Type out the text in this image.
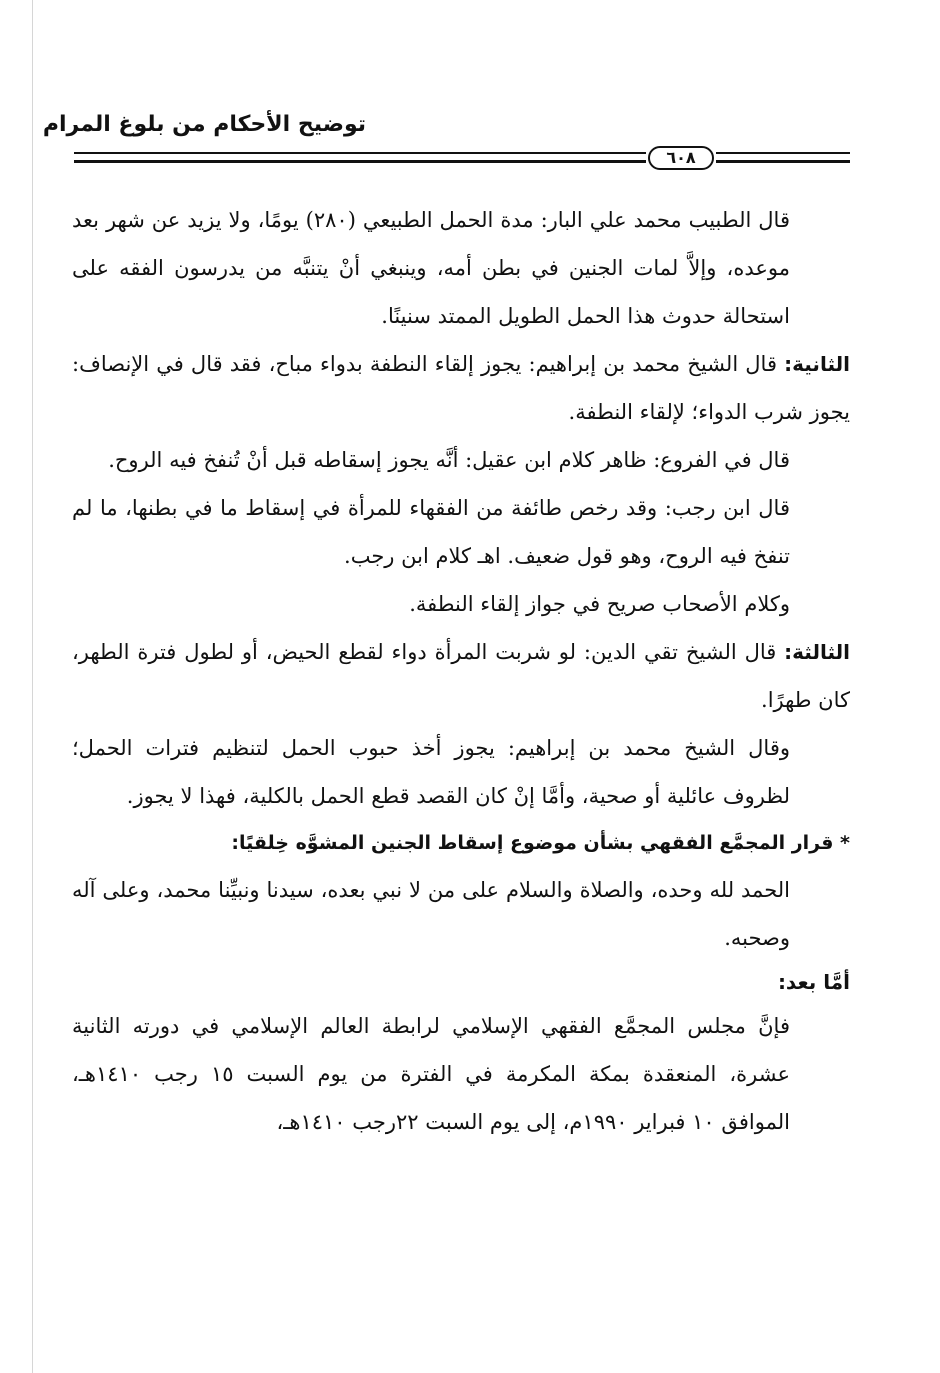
توضيح الأحكام من بلوغ المرام
٦٠٨

قال الطبيب محمد علي البار: مدة الحمل الطبيعي (٢٨٠) يومًا، ولا يزيد عن شهر بعد موعده، وإلاَّ لمات الجنين في بطن أمه، وينبغي أنْ يتنبَّه من يدرسون الفقه على استحالة حدوث هذا الحمل الطويل الممتد سنينًا.

الثانية: قال الشيخ محمد بن إبراهيم: يجوز إلقاء النطفة بدواء مباح، فقد قال في الإنصاف: يجوز شرب الدواء؛ لإلقاء النطفة.

قال في الفروع: ظاهر كلام ابن عقيل: أنَّه يجوز إسقاطه قبل أنْ تُنفخ فيه الروح.

قال ابن رجب: وقد رخص طائفة من الفقهاء للمرأة في إسقاط ما في بطنها، ما لم تنفخ فيه الروح، وهو قول ضعيف. اهـ كلام ابن رجب.

وكلام الأصحاب صريح في جواز إلقاء النطفة.

الثالثة: قال الشيخ تقي الدين: لو شربت المرأة دواء لقطع الحيض، أو لطول فترة الطهر، كان طهرًا.

وقال الشيخ محمد بن إبراهيم: يجوز أخذ حبوب الحمل لتنظيم فترات الحمل؛ لظروف عائلية أو صحية، وأمَّا إنْ كان القصد قطع الحمل بالكلية، فهذا لا يجوز.

* قرار المجمَّع الفقهي بشأن موضوع إسقاط الجنين المشوَّه خِلقيًا:

الحمد لله وحده، والصلاة والسلام على من لا نبي بعده، سيدنا ونبيِّنا محمد، وعلى آله وصحبه.

أمَّا بعد:

فإنَّ مجلس المجمَّع الفقهي الإسلامي لرابطة العالم الإسلامي في دورته الثانية عشرة، المنعقدة بمكة المكرمة في الفترة من يوم السبت ١٥ رجب ١٤١٠هـ، الموافق ١٠ فبراير ١٩٩٠م، إلى يوم السبت ٢٢رجب ١٤١٠هـ،
